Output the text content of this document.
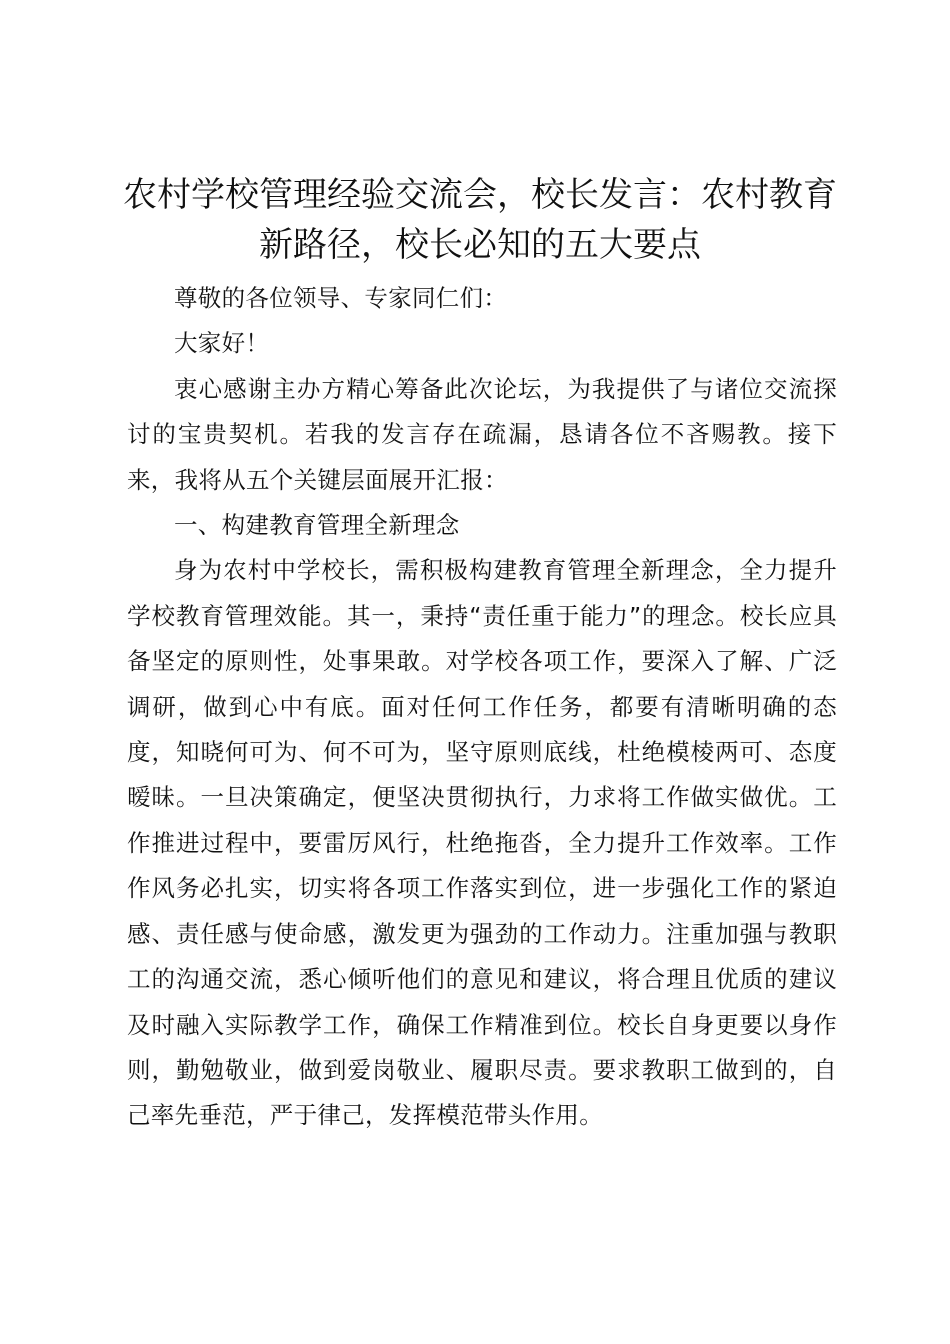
农村学校管理经验交流会，校长发言：农村教育新路径，校长必知的五大要点

尊敬的各位领导、专家同仁们：

大家好！

衷心感谢主办方精心筹备此次论坛，为我提供了与诸位交流探讨的宝贵契机。若我的发言存在疏漏，恳请各位不吝赐教。接下来，我将从五个关键层面展开汇报：

一、构建教育管理全新理念

身为农村中学校长，需积极构建教育管理全新理念，全力提升学校教育管理效能。其一，秉持“责任重于能力”的理念。校长应具备坚定的原则性，处事果敢。对学校各项工作，要深入了解、广泛调研，做到心中有底。面对任何工作任务，都要有清晰明确的态度，知晓何可为、何不可为，坚守原则底线，杜绝模棱两可、态度暧昧。一旦决策确定，便坚决贯彻执行，力求将工作做实做优。工作推进过程中，要雷厉风行，杜绝拖沓，全力提升工作效率。工作作风务必扎实，切实将各项工作落实到位，进一步强化工作的紧迫感、责任感与使命感，激发更为强劲的工作动力。注重加强与教职工的沟通交流，悉心倾听他们的意见和建议，将合理且优质的建议及时融入实际教学工作，确保工作精准到位。校长自身更要以身作则，勤勉敬业，做到爱岗敬业、履职尽责。要求教职工做到的，自己率先垂范，严于律己，发挥模范带头作用。
